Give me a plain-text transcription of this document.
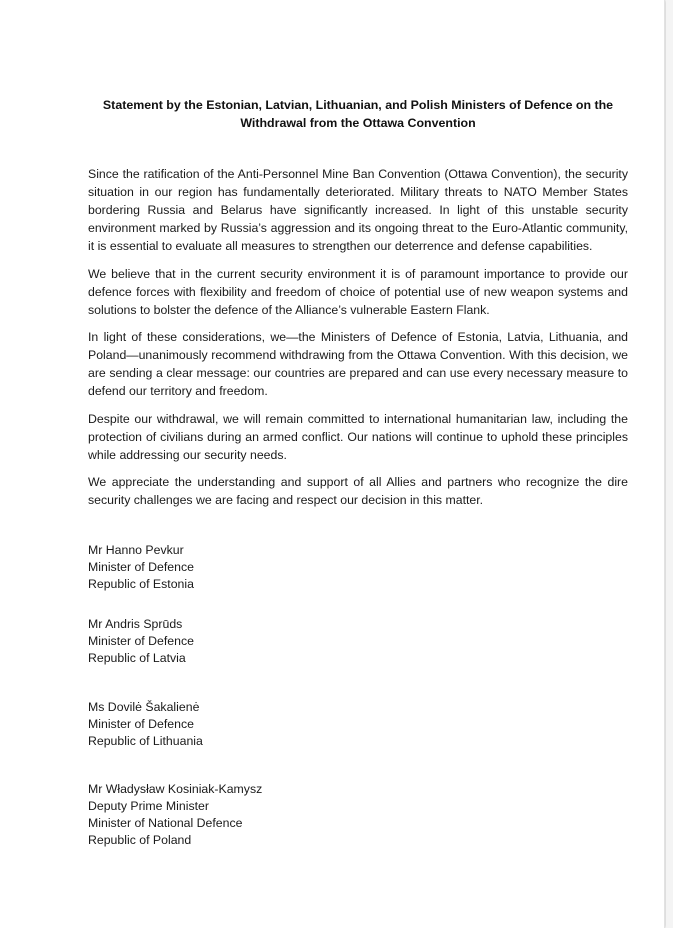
Statement by the Estonian, Latvian, Lithuanian, and Polish Ministers of Defence on the Withdrawal from the Ottawa Convention

Since the ratification of the Anti-Personnel Mine Ban Convention (Ottawa Convention), the security situation in our region has fundamentally deteriorated. Military threats to NATO Member States bordering Russia and Belarus have significantly increased. In light of this unstable security environment marked by Russia’s aggression and its ongoing threat to the Euro-Atlantic community, it is essential to evaluate all measures to strengthen our deterrence and defense capabilities.

We believe that in the current security environment it is of paramount importance to provide our defence forces with flexibility and freedom of choice of potential use of new weapon systems and solutions to bolster the defence of the Alliance’s vulnerable Eastern Flank.

In light of these considerations, we—the Ministers of Defence of Estonia, Latvia, Lithuania, and Poland—unanimously recommend withdrawing from the Ottawa Convention. With this decision, we are sending a clear message: our countries are prepared and can use every necessary measure to defend our territory and freedom.

Despite our withdrawal, we will remain committed to international humanitarian law, including the protection of civilians during an armed conflict. Our nations will continue to uphold these principles while addressing our security needs.

We appreciate the understanding and support of all Allies and partners who recognize the dire security challenges we are facing and respect our decision in this matter.

Mr Hanno Pevkur
Minister of Defence
Republic of Estonia
Mr Andris Sprūds
Minister of Defence
Republic of Latvia
Ms Dovilė Šakalienė
Minister of Defence
Republic of Lithuania
Mr Władysław Kosiniak-Kamysz
Deputy Prime Minister
Minister of National Defence
Republic of Poland
